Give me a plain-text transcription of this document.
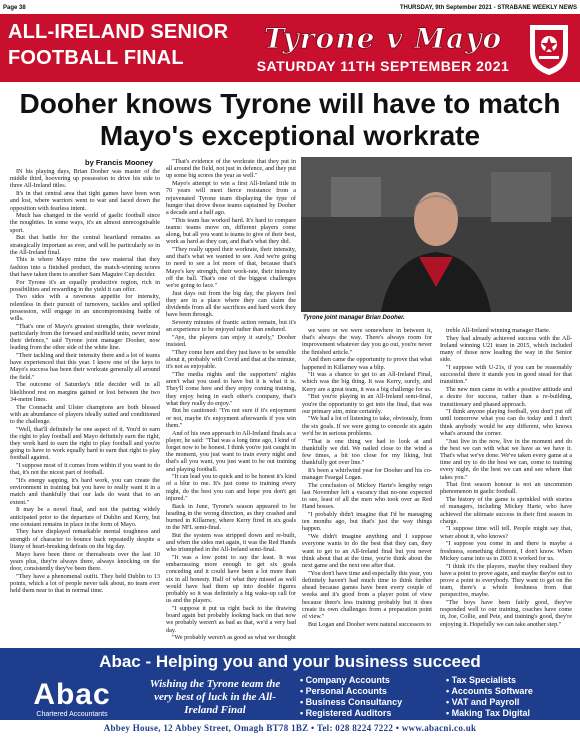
Page 38	THURSDAY, 9th September 2021 - STRABANE WEEKLY NEWS
ALL-IRELAND SENIOR
FOOTBALL FINAL
Tyrone v Mayo
SATURDAY 11TH SEPTEMBER 2021
Dooher knows Tyrone will have to match Mayo's exceptional workrate
by Francis Mooney

IN his playing days, Brian Dooher was master of the middle third, hoovering up possession to drive his side to three All-Ireland titles.

It's in that central area that tight games have been won and lost, where warriors went to war and faced down the opposition with fearless intent.

Much has changed in the world of gaelic football since the noughties. In some ways, it's an almost unrecognisable sport.

But that battle for the central heartland remains as strategically important as ever, and will be particularly so in the All-Ireland final.

This is where Mayo mine the raw material that they fashion into a finished product, the match-winning scores that have taken them to another Sam Maguire Cup decider.

For Tyrone it's an equally productive region, rich in possibilities and rewarding in the yield it can offer.

Two sides with a ravenous appetite for intensity, relentless in their pursuit of turnovers, tackles and spilled possession, will engage in an uncompromising battle of wills.

"That's one of Mayo's greatest strengths, their workrate, particularly from the forward and midfield units, never mind their defence," said Tyrone joint manager Dooher, now leading from the other side of the white line.

"Their tackling and their intensity there and a lot of teams have experienced that this year. I know one of the keys to Mayo's success has been their workrate generally all around the field."

The outcome of Saturday's title decider will in all likelihood rest on margins gained or lost between the two 34-metre lines.

The Connacht and Ulster champions are both blessed with an abundance of players ideally suited and conditioned to the challenge.

"Well, that'll definitely be one aspect of it. You'd to earn the right to play football and Mayo definitely earn the right, they work hard to earn the right to play football and you're going to have to work equally hard to earn that right to play football against.

"I suppose most of it comes from within if you want to do that, it's not the nicest part of football.

"It's energy sapping, it's hard work, you can create the environment in training but you have to really want it in a match and thankfully that our lads do want that to an extent."

It may be a novel final, and not the pairing widely anticipated prior to the departure of Dublin and Kerry, but one constant remains in place in the form of Mayo.

They have displayed remarkable mental toughness and strength of character to bounce back repeatedly despite a litany of heart-breaking defeats on the big day.

Mayo have been there or thereabouts over the last 10 years plus, they're always there, always knocking on the door, consistently they've been there.

"They have a phenomenal outfit. They held Dublin to 13 points, which a lot of people never talk about, no team ever held them near to that in normal time.

"That's evidence of the workrate that they put in all around the field, not just in defence, and they put up some big scores the year as well."

Mayo's attempt to win a first All-Ireland title in 70 years will meet fierce resistance from a rejuvenated Tyrone team displaying the type of hunger that drove those teams captained by Dooher a decade and a half ago.

"This team has worked hard. It's hard to compare teams: teams move on, different players come along, but all you want is teams to give of their best, work as hard as they can, and that's what they did.

"They really upped their workrate, their intensity, and that's what we wanted to see. And we're going to need to see a lot more of that, because that's Mayo's key strength, their work-rate, their intensity off the ball. That's one of the biggest challenges we're going to face."

Just days out from the big day, the players feel they are in a place where they can claim the dividends from all the sacrifices and hard work they have been through.

Seventy minutes of frantic action remain, but it's an experience to be enjoyed rather than endured.

"Aye, the players can enjoy it surely," Dooher insisted.

"They come here and they just have to be sensible about it, probably with Covid and that at the minute, it's not as enjoyable.

"The media nights and the supporters' nights aren't what you used to have but it is what it is. They'll come here and they enjoy coming training, they enjoy being in each other's company, that's what they really do enjoy."

But he cautioned: "I'm not sure if it's enjoyment or not, maybe it's enjoyment afterwards if you win them."

And of his own approach to All-Ireland finals as a player, he said: "That was a long time ago, I kind of forget now to be honest. I think you're just caught in the moment, you just want to train every night and that's all you want, you just want to be out training and playing football.

"It can lead you to quick and to be honest it's kind of a blur to me. It's just come to training every night, do the best you can and hope you don't get injured."

Back in June, Tyrone's season appeared to be heading in the wrong direction, as they crashed and burned in Killarney, where Kerry fired in six goals in the NFL semi-final.

But the system was stripped down and re-built, and when the sides met again, it was the Red Hands who triumphed in the All-Ireland semi-final.

"It was a low point to say the least. It was embarrassing more enough to get six goals conceding and it could have been a lot more than six in all honesty. Half of what they missed as well would have had them up into double figures probably so it was definitely a big wake-up call for us and the players.

"I suppose it put us right back to the drawing board again but probably looking back on that now we probably weren't as bad as that, we'd a very bad day.

"We probably weren't as good as what we thought

Tyrone joint manager Brian Dooher.

we were or we were somewhere in between it, that's always the way. There's always room for improvement whatever day you go out, you're never the finished article."

And then came the opportunity to prove that what happened in Killarney was a blip.

"It was a chance to get to an All-Ireland Final, which was the big thing. It was Kerry, surely, and Kerry are a great team, it was a big challenge for us.

"But you're playing in an All-Ireland semi-final, you're the opportunity to get into the final, that was our primary aim, mine certainly.

"We had a lot of listening to take, obviously, from the six goals. If we were going to concede six again we'd be in serious problems.

"That is one thing we had to look at and thankfully we did. We nailed close to the wind a few times, a bit too close for my liking, but thankfully got over line."

It's been a whirlwind year for Dooher and his co-manager Feargal Logan.

The conclusion of Mickey Harte's lengthy reign last November left a vacancy that no-one expected to see, least of all the men who took over as Red Hand bosses.

"I probably didn't imagine that I'd be managing ten months ago, but that's just the way things happen.

"We didn't imagine anything and I suppose everyone wants to do the best that they can, they want to get to an All-Ireland final but you never think about that at the time, you're think about the next game and the next one after that.

"You don't have time and especially this year, you definitely haven't had much time to think further ahead because games have been every couple of weeks and it's good from a player point of view because there's less training probably but it does create its own challenges from a preparation point of view."

But Logan and Dooher were natural successors to

treble All-Ireland winning manager Harte.

They had already achieved success with the All-Ireland winning U21 team in 2015, which included many of those now leading the way in the Senior side.

"I suppose with U-21s, if you can be reasonably successful there it stands you in good stead for that transition."

The new men came in with a positive attitude and a desire for success, rather than a re-building, transitionary and phased approach.

"I think anyone playing football, you don't put off until tomorrow what you can do today and I don't think anybody would be any different, who knows what's around the corner.

"Just live in the now, live in the moment and do the best we can with what we have as we have it. That's what we've done. We've taken every game at a time and try to do the best we can, come to training every night, do the best we can and see where that takes you."

That first season honour is not an uncommon phenomenon in gaelic football.

The history of the game is sprinkled with stories of managers, including Mickey Harte, who have achieved the ultimate success in their first season in charge.

"I suppose time will tell. People might say that, wiser about it, who knows?

"I suppose you come in and there is maybe a freshness, something different, I don't know. When Mickey came into us in 2003 it worked for us.

"I think it's the players, maybe they realised they have a point to prove again, and maybe they're out to prove a point to everybody. They want to get on the team, there's a whole freshness from that perspective, maybe.

"The boys have been fairly good, they've responded well to our training, coaches have come in, Joe, Collie, and Pete, and training's good, they're enjoying it. Hopefully we can take another step."

Abac - Helping you and your business succeed
Abac
Chartered Accountants
Wishing the Tyrone team the very best of luck in the All-Ireland Final
• Company Accounts
• Personal Accounts
• Business Consultancy
• Registered Auditors
• Tax Specialists
• Accounts Software
• VAT and Payroll
• Making Tax Digital
Abbey House, 12 Abbey Street, Omagh BT78 1BZ • Tel: 028 8224 7222 • www.abacni.co.uk
